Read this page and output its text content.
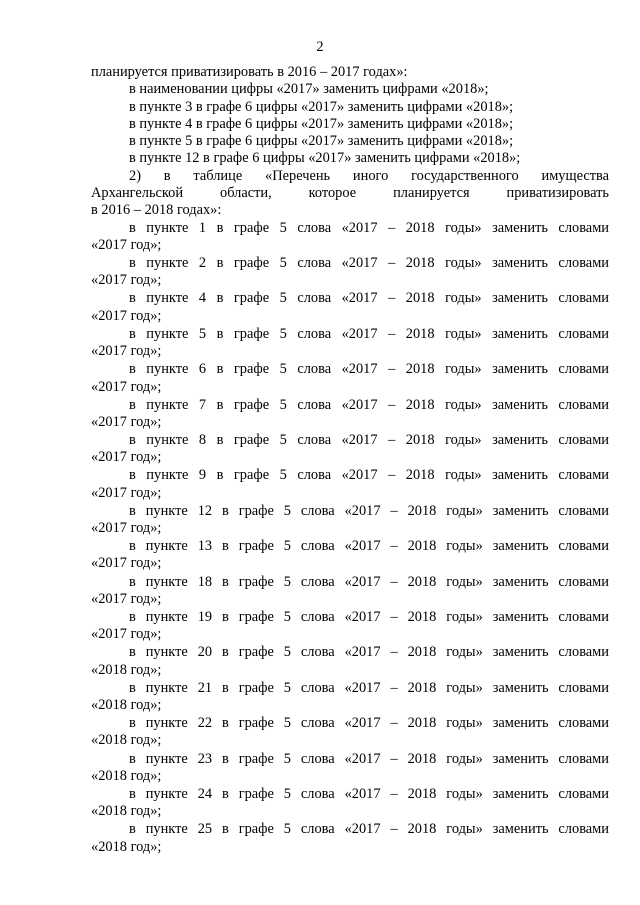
2
планируется приватизировать в 2016 – 2017 годах»:
в наименовании цифры «2017» заменить цифрами «2018»;
в пункте 3 в графе 6 цифры «2017» заменить цифрами «2018»;
в пункте 4 в графе 6 цифры «2017» заменить цифрами «2018»;
в пункте 5 в графе 6 цифры «2017» заменить цифрами «2018»;
в пункте 12 в графе 6 цифры «2017» заменить цифрами «2018»;
2) в таблице «Перечень иного государственного имущества
Архангельской области, которое планируется приватизировать
в 2016 – 2018 годах»:
в пункте 1 в графе 5 слова «2017 – 2018 годы» заменить словами
«2017 год»;
в пункте 2 в графе 5 слова «2017 – 2018 годы» заменить словами
«2017 год»;
в пункте 4 в графе 5 слова «2017 – 2018 годы» заменить словами
«2017 год»;
в пункте 5 в графе 5 слова «2017 – 2018 годы» заменить словами
«2017 год»;
в пункте 6 в графе 5 слова «2017 – 2018 годы» заменить словами
«2017 год»;
в пункте 7 в графе 5 слова «2017 – 2018 годы» заменить словами
«2017 год»;
в пункте 8 в графе 5 слова «2017 – 2018 годы» заменить словами
«2017 год»;
в пункте 9 в графе 5 слова «2017 – 2018 годы» заменить словами
«2017 год»;
в пункте 12 в графе 5 слова «2017 – 2018 годы» заменить словами
«2017 год»;
в пункте 13 в графе 5 слова «2017 – 2018 годы» заменить словами
«2017 год»;
в пункте 18 в графе 5 слова «2017 – 2018 годы» заменить словами
«2017 год»;
в пункте 19 в графе 5 слова «2017 – 2018 годы» заменить словами
«2017 год»;
в пункте 20 в графе 5 слова «2017 – 2018 годы» заменить словами
«2018 год»;
в пункте 21 в графе 5 слова «2017 – 2018 годы» заменить словами
«2018 год»;
в пункте 22 в графе 5 слова «2017 – 2018 годы» заменить словами
«2018 год»;
в пункте 23 в графе 5 слова «2017 – 2018 годы» заменить словами
«2018 год»;
в пункте 24 в графе 5 слова «2017 – 2018 годы» заменить словами
«2018 год»;
в пункте 25 в графе 5 слова «2017 – 2018 годы» заменить словами
«2018 год»;
